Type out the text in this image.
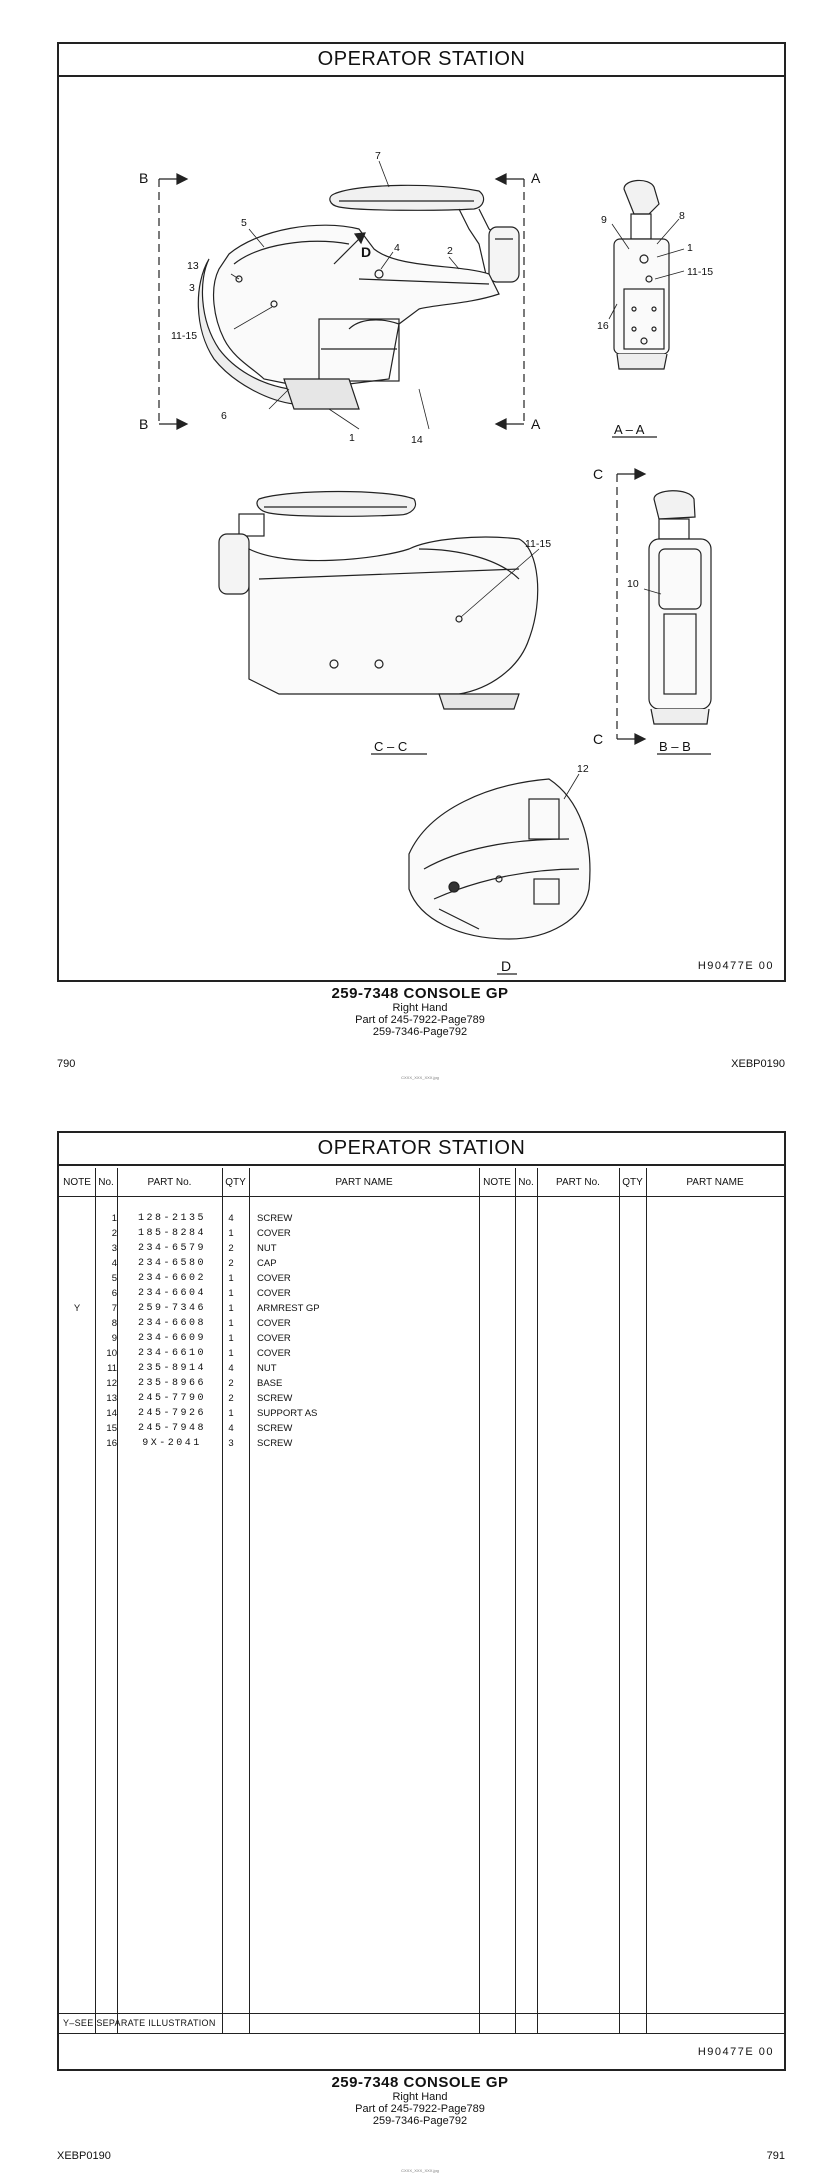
OPERATOR STATION
7
B	A
5
D 4	2
13
3
11-15
6
1	14
B	A
9	8
1
11-15
16
A – A
C
11-15
10
C
C – C	B – B
12
D	H90477E 00
259-7348 CONSOLE GP
Right Hand
Part of 245-7922-Page789
259-7346-Page792
790	XEBP0190
CXXX_XXX_XXX.jpg
OPERATOR STATION
NOTE No.	PART No.	QTY	PART NAME	NOTE No.	PART No.	QTY	PART NAME
1	128-2135	4	SCREW
2	185-8284	1	COVER
3	234-6579	2	NUT
4	234-6580	2	CAP
5	234-6602	1	COVER
6	234-6604	1	COVER
Y	7	259-7346	1	ARMREST GP
8	234-6608	1	COVER
9	234-6609	1	COVER
10	234-6610	1	COVER
11	235-8914	4	NUT
12	235-8966	2	BASE
13	245-7790	2	SCREW
14	245-7926	1	SUPPORT AS
15	245-7948	4	SCREW
16	9X-2041	3	SCREW
Y–SEE SEPARATE ILLUSTRATION
H90477E 00
259-7348 CONSOLE GP
Right Hand
Part of 245-7922-Page789
259-7346-Page792
XEBP0190	791
CXXX_XXX_XXX.jpg
